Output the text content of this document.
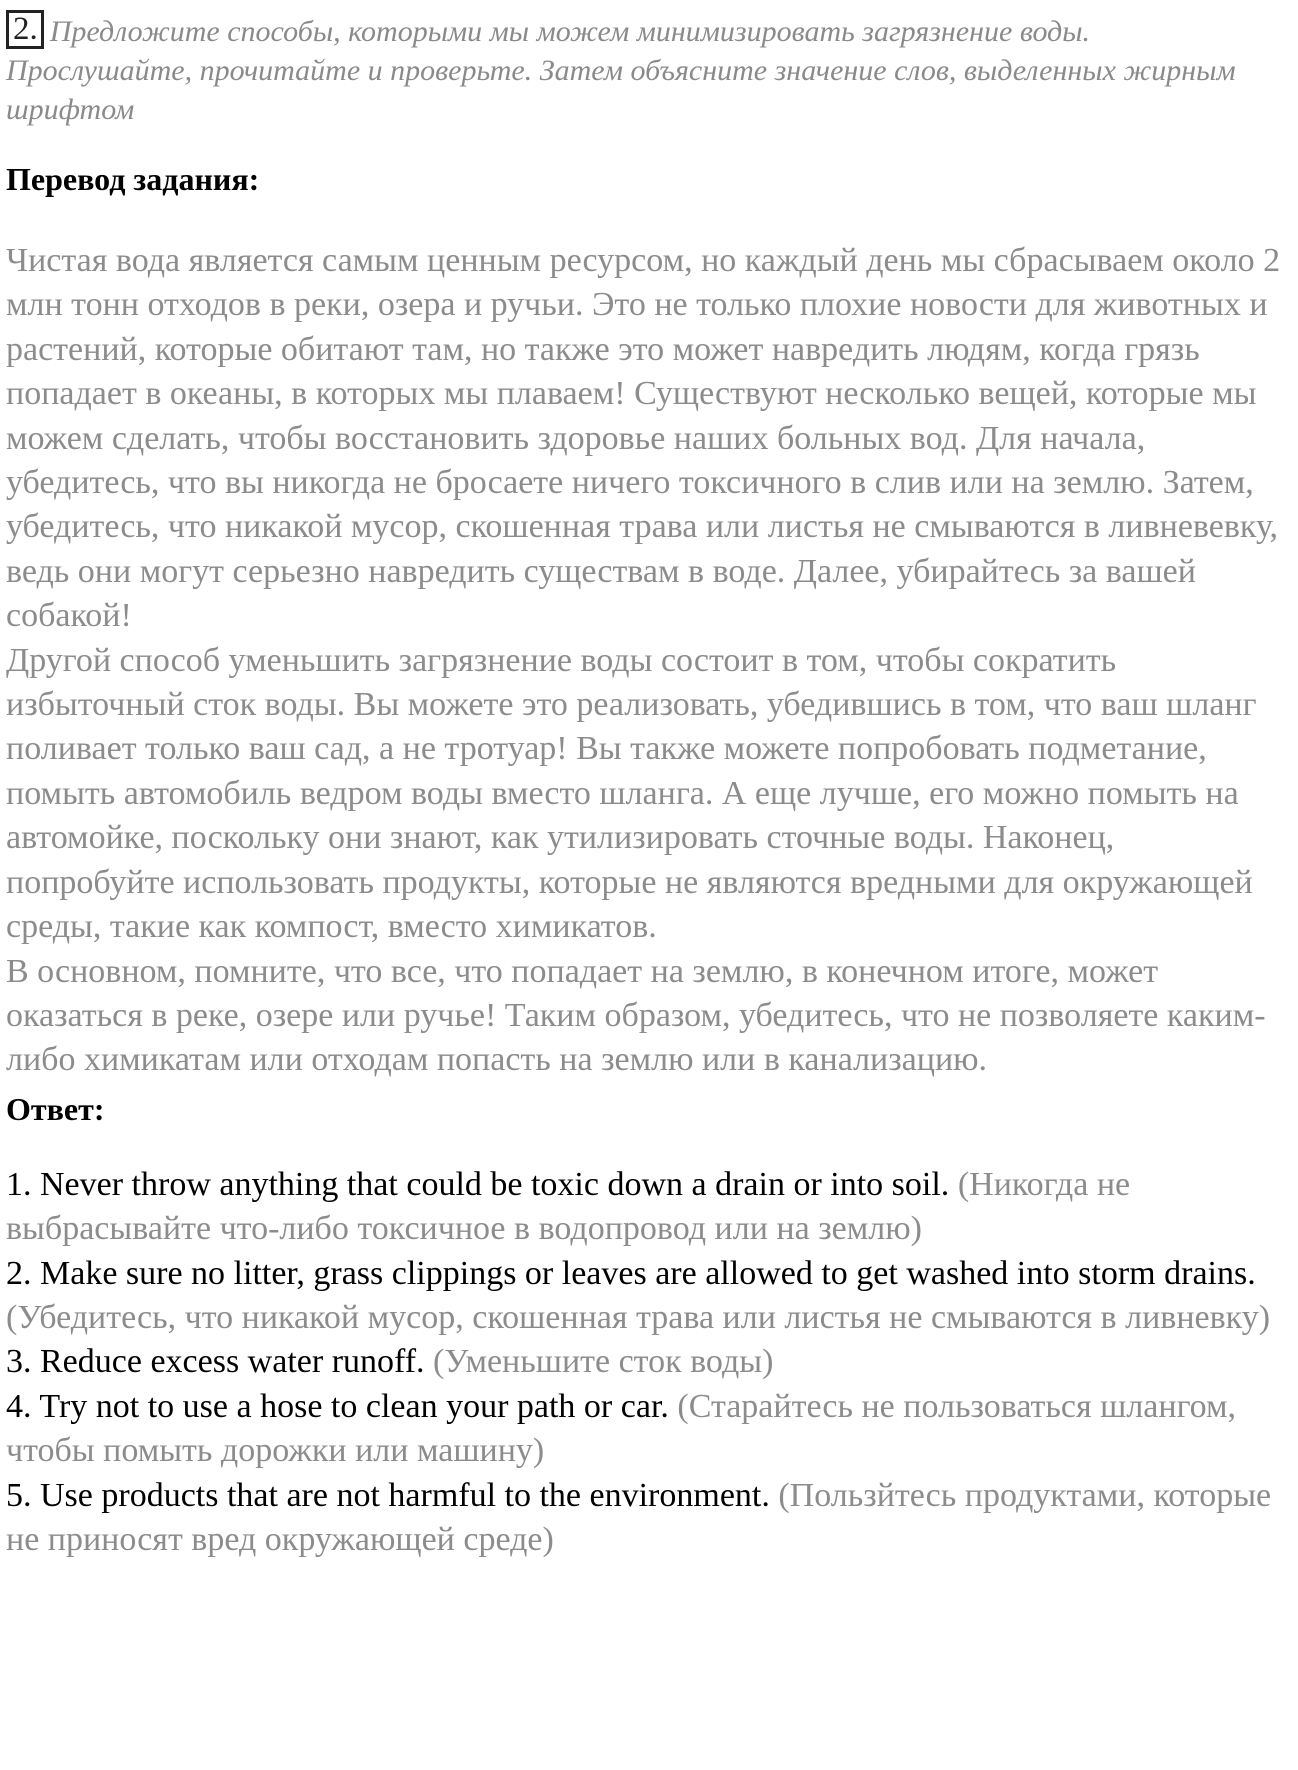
2. Предложите способы, которыми мы можем минимизировать загрязнение воды. Прослушайте, прочитайте и проверьте. Затем объясните значение слов, выделенных жирным шрифтом
Перевод задания:

Чистая вода является самым ценным ресурсом, но каждый день мы сбрасываем около 2 млн тонн отходов в реки, озера и ручьи. Это не только плохие новости для животных и растений, которые обитают там, но также это может навредить людям, когда грязь попадает в океаны, в которых мы плаваем! Существуют несколько вещей, которые мы можем сделать, чтобы восстановить здоровье наших больных вод. Для начала, убедитесь, что вы никогда не бросаете ничего токсичного в слив или на землю. Затем, убедитесь, что никакой мусор, скошенная трава или листья не смываются в ливневевку, ведь они могут серьезно навредить существам в воде. Далее, убирайтесь за вашей собакой!

Другой способ уменьшить загрязнение воды состоит в том, чтобы сократить избыточный сток воды. Вы можете это реализовать, убедившись в том, что ваш шланг поливает только ваш сад, а не тротуар! Вы также можете попробовать подметание, помыть автомобиль ведром воды вместо шланга. А еще лучше, его можно помыть на автомойке, поскольку они знают, как утилизировать сточные воды. Наконец, попробуйте использовать продукты, которые не являются вредными для окружающей среды, такие как компост, вместо химикатов.

В основном, помните, что все, что попадает на землю, в конечном итоге, может оказаться в реке, озере или ручье! Таким образом, убедитесь, что не позволяете каким-либо химикатам или отходам попасть на землю или в канализацию.

Ответ:

1. Never throw anything that could be toxic down a drain or into soil. (Никогда не выбрасывайте что-либо токсичное в водопровод или на землю)

2. Make sure no litter, grass clippings or leaves are allowed to get washed into storm drains. (Убедитесь, что никакой мусор, скошенная трава или листья не смываются в ливневку)

3. Reduce excess water runoff. (Уменьшите сток воды)

4. Try not to use a hose to clean your path or car. (Старайтесь не пользоваться шлангом, чтобы помыть дорожки или машину)

5. Use products that are not harmful to the environment. (Пользйтесь продуктами, которые не приносят вред окружающей среде)
